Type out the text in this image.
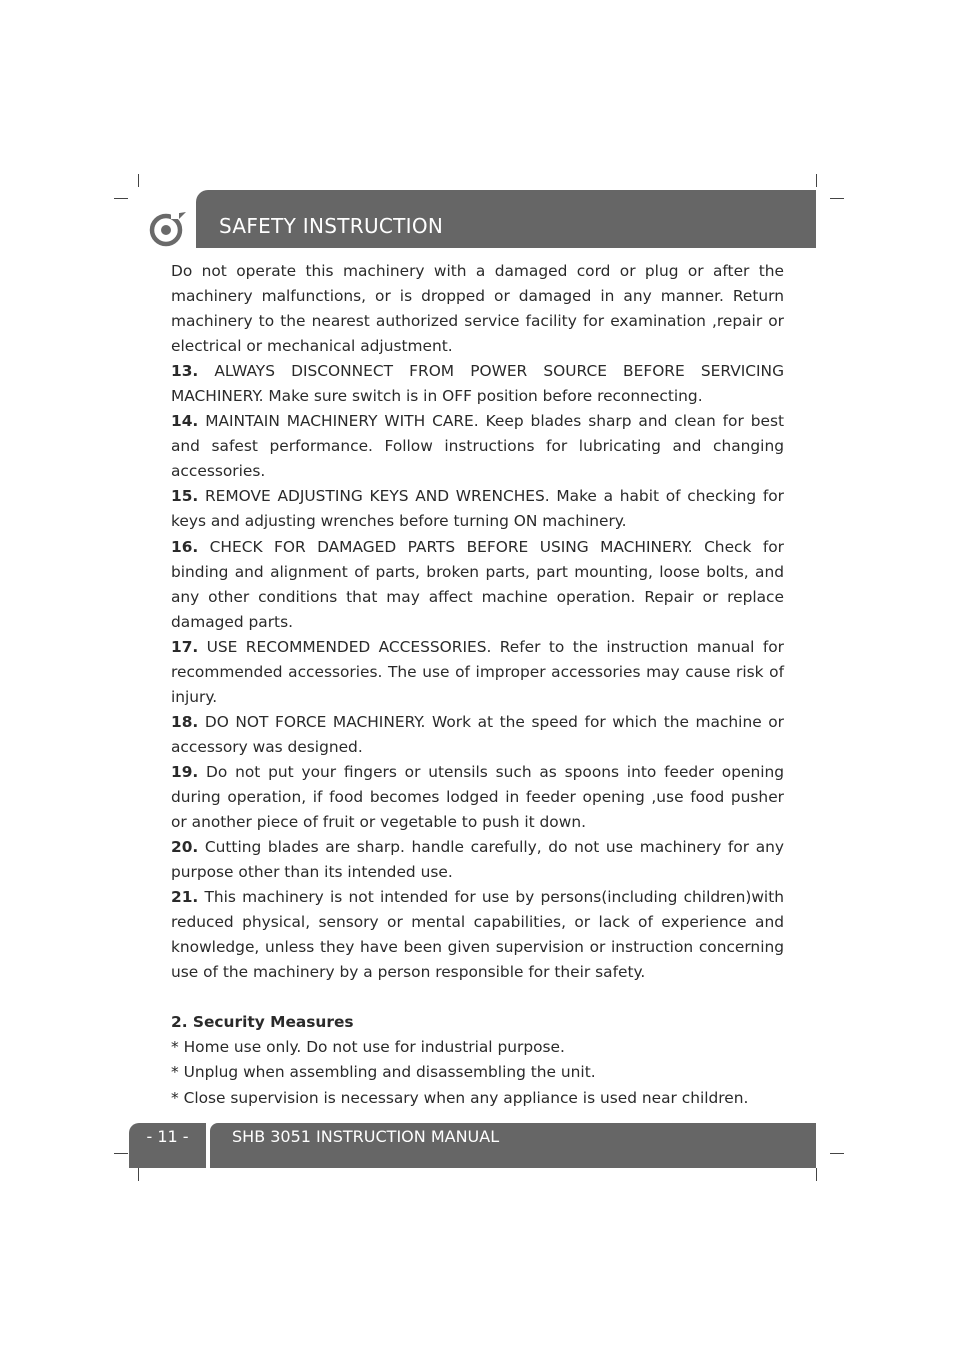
SAFETY INSTRUCTION

Do not operate this machinery with a damaged cord or plug or after the machinery malfunctions, or is dropped or damaged in any manner. Return machinery to the nearest authorized service facility for examination ,repair or electrical or mechanical adjustment.

13. ALWAYS DISCONNECT FROM POWER SOURCE BEFORE SERVICING MACHINERY. Make sure switch is in OFF position before reconnecting.

14. MAINTAIN MACHINERY WITH CARE. Keep blades sharp and clean for best and safest performance. Follow instructions for lubricating and changing accessories.

15. REMOVE ADJUSTING KEYS AND WRENCHES. Make a habit of checking for keys and adjusting wrenches before turning ON machinery.

16. CHECK FOR DAMAGED PARTS BEFORE USING MACHINERY. Check for binding and alignment of parts, broken parts, part mounting, loose bolts, and any other conditions that may affect machine operation. Repair or replace damaged parts.

17. USE RECOMMENDED ACCESSORIES. Refer to the instruction manual for recommended accessories. The use of improper accessories may cause risk of injury.

18. DO NOT FORCE MACHINERY. Work at the speed for which the machine or accessory was designed.

19. Do not put your fingers or utensils such as spoons into feeder opening during operation, if food becomes lodged in feeder opening ,use food pusher or another piece of fruit or vegetable to push it down.

20. Cutting blades are sharp. handle carefully, do not use machinery for any purpose other than its intended use.

21. This machinery is not intended for use by persons(including children)with reduced physical, sensory or mental capabilities, or lack of experience and knowledge, unless they have been given supervision or instruction concerning use of the machinery by a person responsible for their safety.

2. Security Measures

* Home use only. Do not use for industrial purpose.

* Unplug when assembling and disassembling the unit.

* Close supervision is necessary when any appliance is used near children.

- 11 -	SHB 3051 INSTRUCTION MANUAL
